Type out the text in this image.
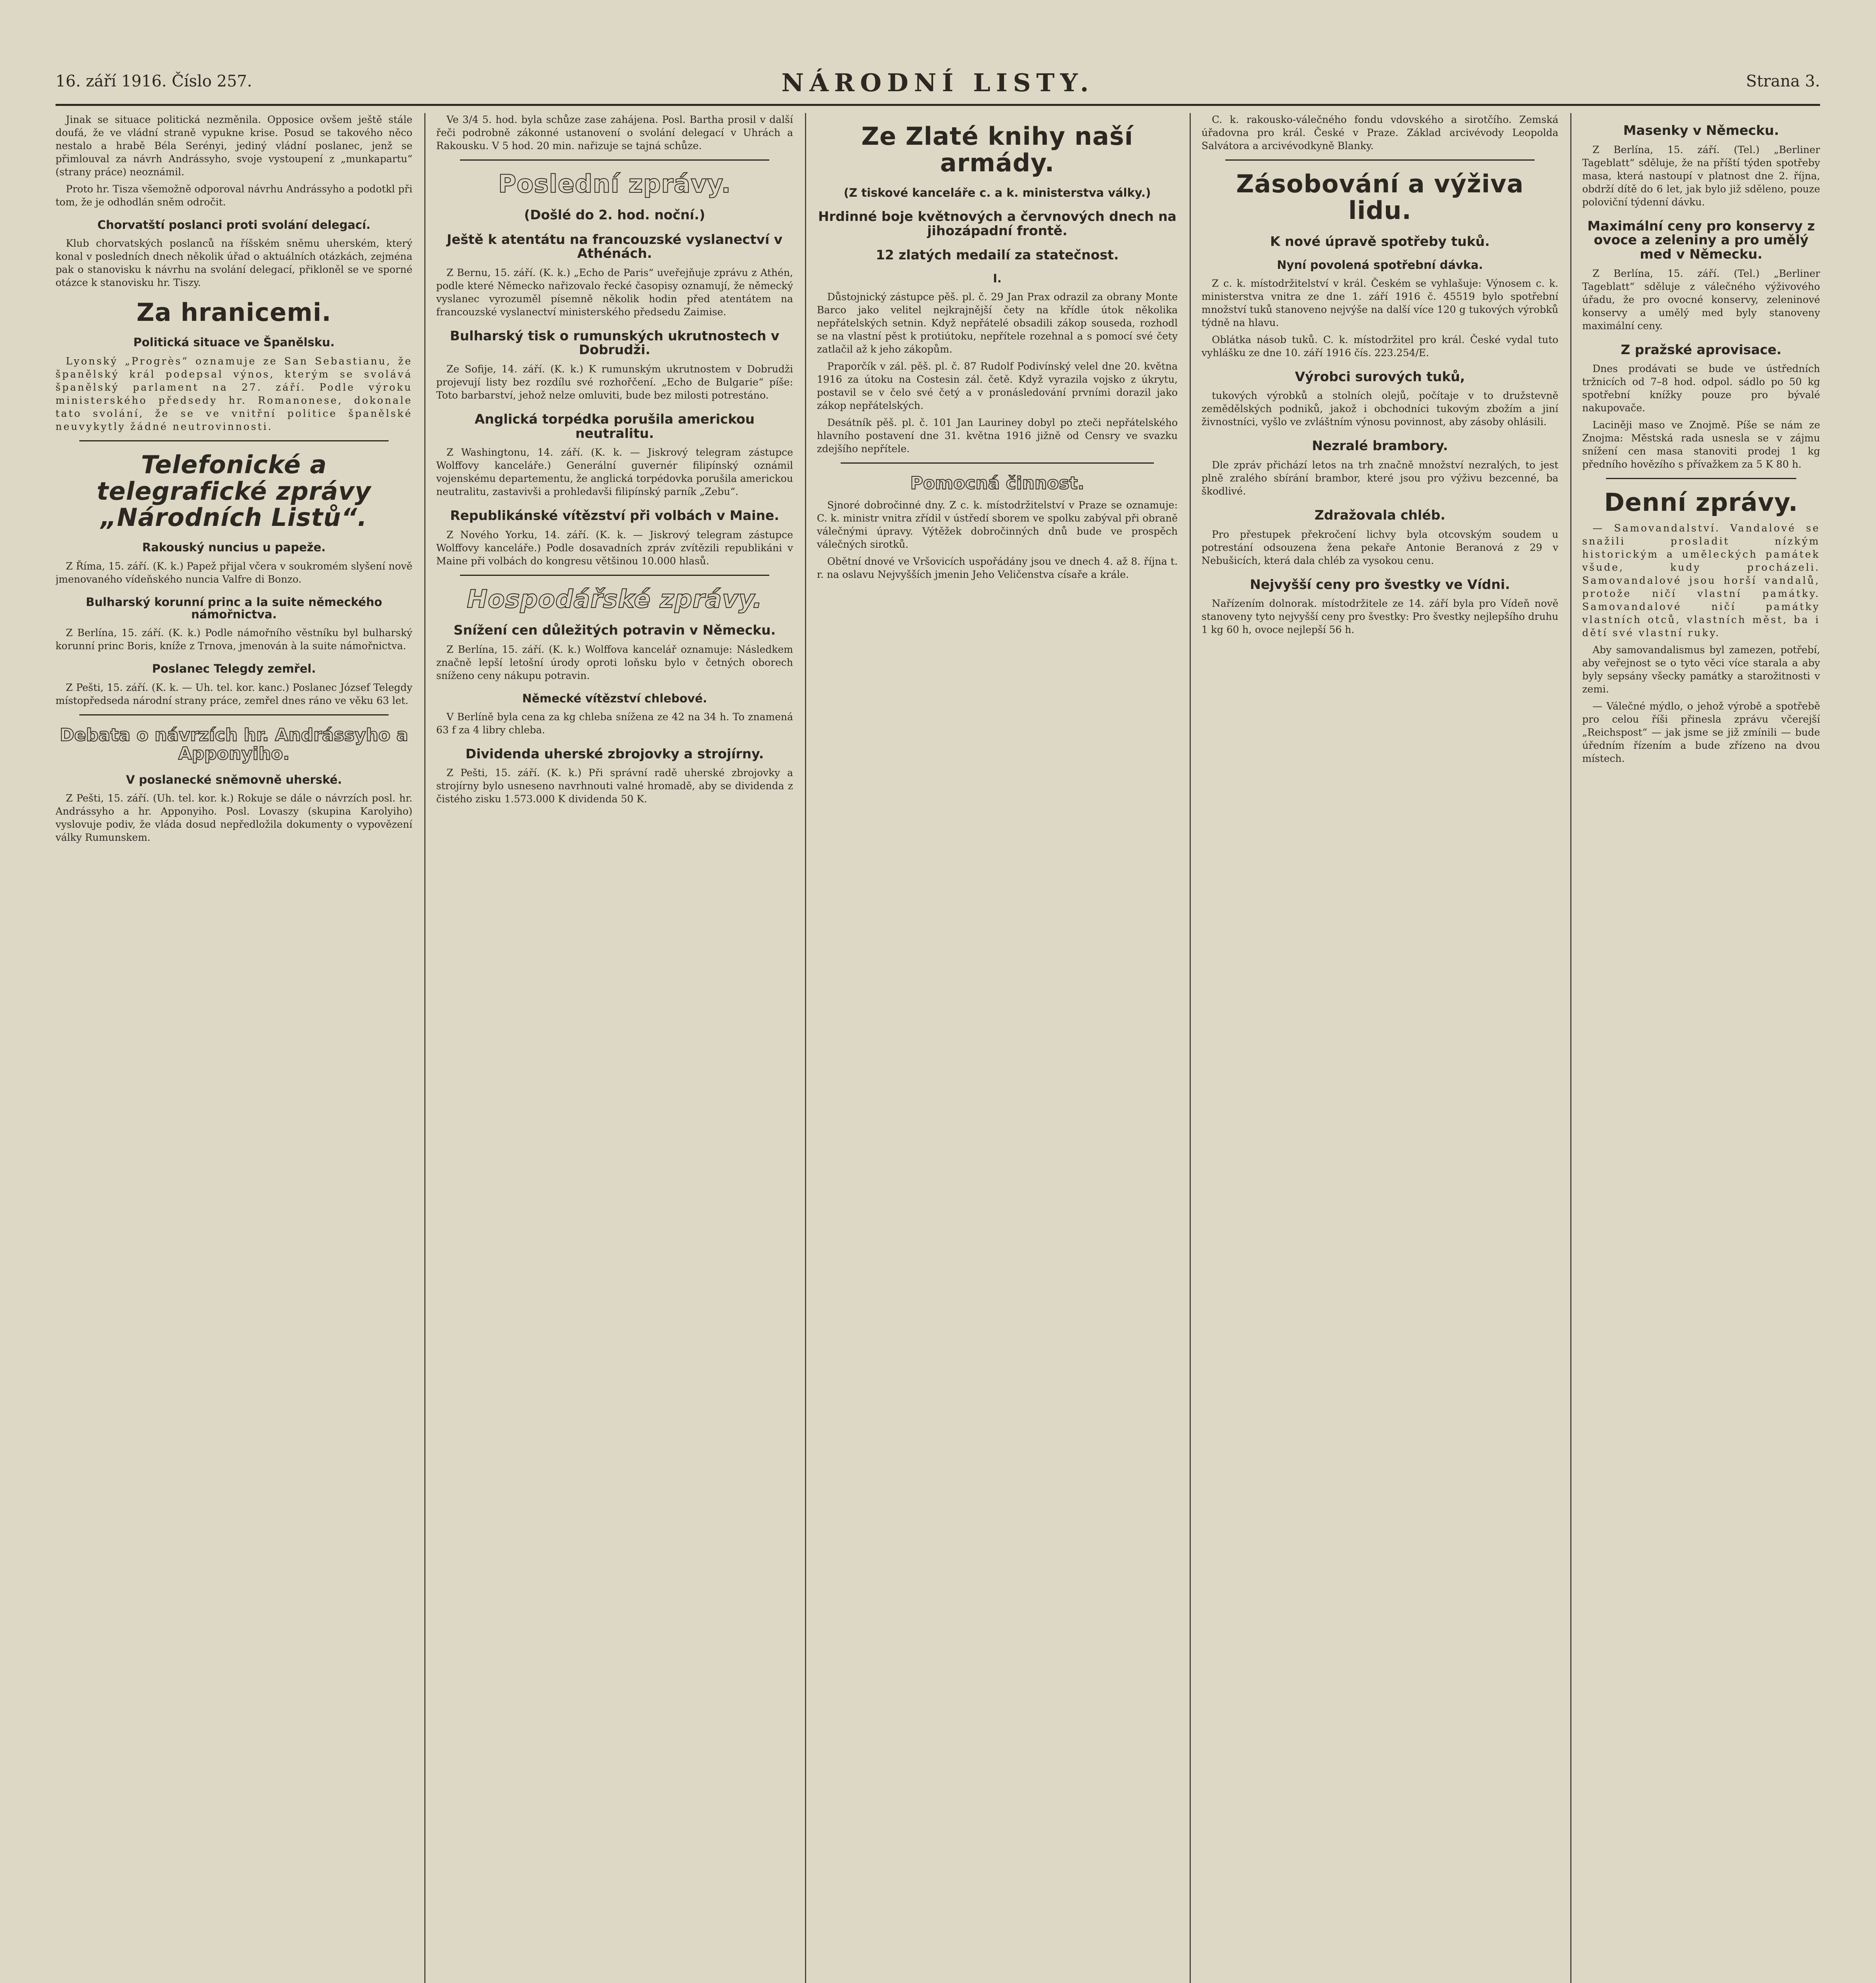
16. září 1916. Číslo 257.	NÁRODNÍ LISTY.	Strana 3.

Jinak se situace politická nezměnila. Opposice ovšem ještě stále doufá, že ve vládní straně vypukne krise. Posud se takového něco nestalo a hrabě Béla Serényi, jediný vládní poslanec, jenž se přimlouval za návrh Andrássyho, svoje vystoupení z „munkapartu“ (strany práce) neoznámil.

Proto hr. Tisza všemožně odporoval návrhu Andrássyho a podotkl při tom, že je odhodlán sněm odročit.

Chorvatští poslanci proti svolání delegací.

Klub chorvatských poslanců na říšském sněmu uherském, který konal v posledních dnech několik úřad o aktuálních otázkách, zejména pak o stanovisku k návrhu na svolání delegací, přikloněl se ve sporné otázce k stanovisku hr. Tiszy.

Za hranicemi.
Politická situace ve Španělsku.

Lyonský „Progrès“ oznamuje ze San Sebastianu, že španělský král podepsal výnos, kterým se svolává španělský parlament na 27. září. Podle výroku ministerského předsedy hr. Romanonese, dokonale tato svolání, že se ve vnitřní politice španělské neuvykytly žádné neutrovinnosti.

Telefonické a telegrafické zprávy „Národních Listů“.
Rakouský nuncius u papeže.

Z Říma, 15. září. (K. k.) Papež přijal včera v soukromém slyšení nově jmenovaného vídeňského nuncia Valfre di Bonzo.

Bulharský korunní princ a la suite německého námořnictva.

Z Berlína, 15. září. (K. k.) Podle námořního věstníku byl bulharský korunní princ Boris, kníže z Trnova, jmenován à la suite námořnictva.

Poslanec Telegdy zemřel.

Z Pešti, 15. září. (K. k. — Uh. tel. kor. kanc.) Poslanec József Telegdy místopředseda národní strany práce, zemřel dnes ráno ve věku 63 let.

Debata o návrzích hr. Andrássyho a Apponyiho.
V poslanecké sněmovně uherské.

Z Pešti, 15. září. (Uh. tel. kor. k.) Rokuje se dále o návrzích posl. hr. Andrássyho a hr. Apponyiho. Posl. Lovaszy (skupina Karolyiho) vyslovuje podiv, že vláda dosud nepředložila dokumenty o vypovězení války Rumunskem.

Ve 3/4 5. hod. byla schůze zase zahájena. Posl. Bartha prosil v další řeči podrobně zákonné ustanovení o svolání delegací v Uhrách a Rakousku. V 5 hod. 20 min. nařizuje se tajná schůze.

Poslední zprávy.
(Došlé do 2. hod. noční.)
Ještě k atentátu na francouzské vyslanectví v Athénách.

Z Bernu, 15. září. (K. k.) „Echo de Paris“ uveřejňuje zprávu z Athén, podle které Německo nařizovalo řecké časopisy oznamují, že německý vyslanec vyrozuměl písemně několik hodin před atentátem na francouzské vyslanectví ministerského předsedu Zaimise.

Bulharský tisk o rumunských ukrutnostech v Dobrudži.

Ze Sofije, 14. září. (K. k.) K rumunským ukrutnostem v Dobrudži projevují listy bez rozdílu své rozhořčení. „Echo de Bulgarie“ píše: Toto barbarství, jehož nelze omluviti, bude bez milosti potrestáno.

Anglická torpédka porušila americkou neutralitu.

Z Washingtonu, 14. září. (K. k. — Jiskrový telegram zástupce Wolffovy kanceláře.) Generální guvernér filipínský oznámil vojenskému departementu, že anglická torpédovka porušila americkou neutralitu, zastavivši a prohledavši filipínský parník „Zebu“.

Republikánské vítězství při volbách v Maine.

Z Nového Yorku, 14. září. (K. k. — Jiskrový telegram zástupce Wolffovy kanceláře.) Podle dosavadních zpráv zvítězili republikáni v Maine při volbách do kongresu většinou 10.000 hlasů.

Hospodářské zprávy.
Snížení cen důležitých potravin v Německu.

Z Berlína, 15. září. (K. k.) Wolffova kancelář oznamuje: Následkem značně lepší letošní úrody oproti loňsku bylo v četných oborech sníženo ceny nákupu potravin.

Německé vítězství chlebové.

V Berlíně byla cena za kg chleba snížena ze 42 na 34 h. To znamená 63 f za 4 libry chleba.

Dividenda uherské zbrojovky a strojírny.

Z Pešti, 15. září. (K. k.) Při správní radě uherské zbrojovky a strojírny bylo usneseno navrhnouti valné hromadě, aby se dividenda z čistého zisku 1.573.000 K dividenda 50 K.

Ze Zlaté knihy naší armády.
(Z tiskové kanceláře c. a k. ministerstva války.)
Hrdinné boje květnových a červnových dnech na jihozápadní frontě.
12 zlatých medailí za statečnost.
I.

Důstojnický zástupce pěš. pl. č. 29 Jan Prax odrazil za obrany Monte Barco jako velitel nejkrajnější čety na křídle útok několika nepřátelských setnin. Když nepřátelé obsadili zákop souseda, rozhodl se na vlastní pěst k protiútoku, nepřítele rozehnal a s pomocí své čety zatlačil až k jeho zákopům.

Praporčík v zál. pěš. pl. č. 87 Rudolf Podivínský velel dne 20. května 1916 za útoku na Costesin zál. četě. Když vyrazila vojsko z úkrytu, postavil se v čelo své četý a v pronásledování prvními dorazil jako zákop nepřátelských.

Desátník pěš. pl. č. 101 Jan Lauriney dobyl po zteči nepřátelského hlavního postavení dne 31. května 1916 jižně od Censry ve svazku zdejšího nepřítele.

Pomocná činnost.

Sjnoré dobročinné dny. Z c. k. místodržitelství v Praze se oznamuje: C. k. ministr vnitra zřídil v ústředí sborem ve spolku zabýval při obraně válečnými úpravy. Výtěžek dobročinných dnů bude ve prospěch válečných sirotků.

Obětní dnové ve Vršovicích uspořádány jsou ve dnech 4. až 8. října t. r. na oslavu Nejvyšších jmenin Jeho Veličenstva císaře a krále.

C. k. rakousko-válečného fondu vdovského a sirotčího. Zemská úřadovna pro král. České v Praze. Základ arcivévody Leopolda Salvátora a arcivévodkyně Blanky.

Zásobování a výživa lidu.
K nové úpravě spotřeby tuků.
Nyní povolená spotřební dávka.

Z c. k. místodržitelství v král. Českém se vyhlašuje: Výnosem c. k. ministerstva vnitra ze dne 1. září 1916 č. 45519 bylo spotřební množství tuků stanoveno nejvýše na další více 120 g tukových výrobků týdně na hlavu.

Oblátka násob tuků. C. k. místodržitel pro král. České vydal tuto vyhlášku ze dne 10. září 1916 čís. 223.254/E.

Výrobci surových tuků,

tukových výrobků a stolních olejů, počítaje v to družstevně zemědělských podniků, jakož i obchodníci tukovým zbožím a jiní živnostníci, vyšlo ve zvláštním výnosu povinnost, aby zásoby ohlásili.

Nezralé brambory.

Dle zpráv přichází letos na trh značně množství nezralých, to jest plně zralého sbírání brambor, které jsou pro výživu bezcenné, ba škodlivé.

Zdražovala chléb.

Pro přestupek překročení lichvy byla otcovským soudem u potrestání odsouzena žena pekaře Antonie Beranová z 29 v Nebušicích, která dala chléb za vysokou cenu.

Nejvyšší ceny pro švestky ve Vídni.

Nařízením dolnorak. místodržitele ze 14. září byla pro Vídeň nově stanoveny tyto nejvyšší ceny pro švestky: Pro švestky nejlepšího druhu 1 kg 60 h, ovoce nejlepší 56 h.

Masenky v Německu.

Z Berlína, 15. září. (Tel.) „Berliner Tageblatt“ sděluje, že na příští týden spotřeby masa, která nastoupí v platnost dne 2. října, obdrží dítě do 6 let, jak bylo již sděleno, pouze poloviční týdenní dávku.

Maximální ceny pro konservy z ovoce a zeleniny a pro umělý med v Německu.

Z Berlína, 15. září. (Tel.) „Berliner Tageblatt“ sděluje z válečného výživového úřadu, že pro ovocné konservy, zeleninové konservy a umělý med byly stanoveny maximální ceny.

Z pražské aprovisace.

Dnes prodávati se bude ve ústředních tržnicích od 7–8 hod. odpol. sádlo po 50 kg spotřební knížky pouze pro bývalé nakupovače.

Laciněji maso ve Znojmě. Píše se nám ze Znojma: Městská rada usnesla se v zájmu snížení cen masa stanoviti prodej 1 kg předního hovězího s přívažkem za 5 K 80 h.

Denní zprávy.

— Samovandalství. Vandalové se snažili prosladit nízkým historickým a uměleckých památek všude, kudy procházeli. Samovandalové jsou horší vandalů, protože ničí vlastní památky. Samovandalové ničí památky vlastních otců, vlastních měst, ba i dětí své vlastní ruky.

Aby samovandalismus byl zamezen, potřebí, aby veřejnost se o tyto věci více starala a aby byly sepsány všecky památky a starožitnosti v zemi.

— Válečné mýdlo, o jehož výrobě a spotřebě pro celou říši přinesla zprávu včerejší „Reichspost“ — jak jsme se již zmínili — bude úředním řízením a bude zřízeno na dvou místech.
